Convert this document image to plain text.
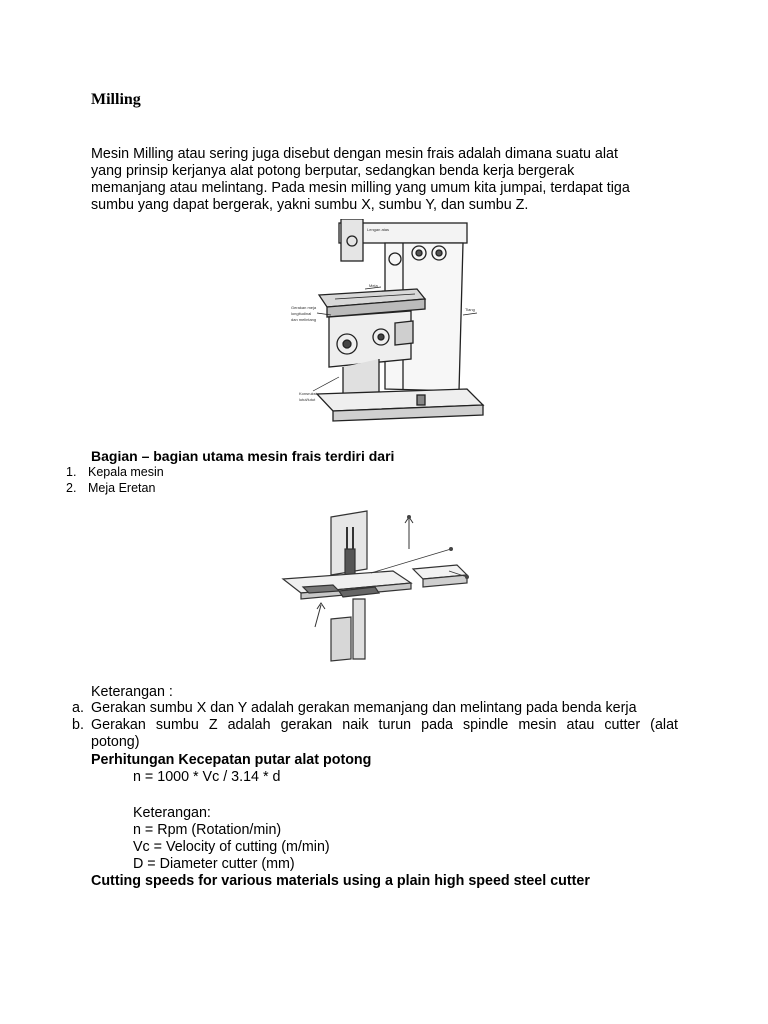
Milling
Mesin Milling atau sering juga disebut dengan mesin frais adalah dimana suatu alat
yang prinsip kerjanya alat potong berputar, sedangkan benda kerja bergerak
memanjang atau melintang. Pada mesin milling yang umum kita jumpai, terdapat tiga
sumbu yang dapat bergerak, yakni sumbu X, sumbu Y, dan sumbu Z.
Lengan atas
Meja
Gerakan meja
longitudinal
dan melintang
Tiang
Konsruksi
lutut/lutut
Bagian – bagian utama mesin frais terdiri dari
1. Kepala mesin
2. Meja Eretan
Keterangan :
a. Gerakan sumbu X dan Y adalah gerakan memanjang dan melintang pada benda kerja
b. Gerakan sumbu Z adalah gerakan naik turun pada spindle mesin atau cutter (alat
potong)
Perhitungan Kecepatan putar alat potong
n = 1000 * Vc / 3.14 * d
Keterangan:
n = Rpm (Rotation/min)
Vc = Velocity of cutting (m/min)
D = Diameter cutter (mm)
Cutting speeds for various materials using a plain high speed steel cutter
